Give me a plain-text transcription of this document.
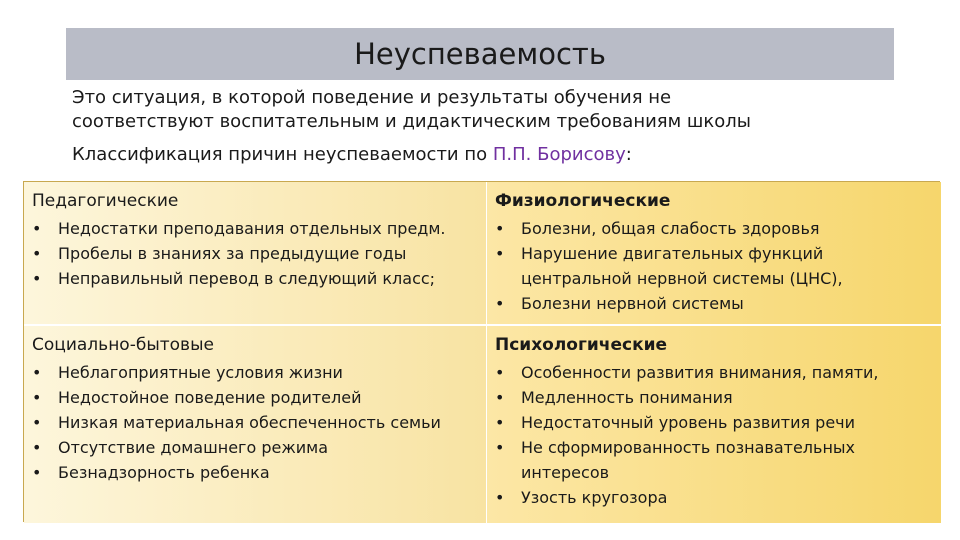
Неуспеваемость

Это ситуация, в которой поведение и результаты обучения не

соответствуют воспитательным и дидактическим требованиям школы

Классификация причин неуспеваемости по П.П. Борисову:

Педагогические
• Недостатки преподавания отдельных предм.
• Пробелы в знаниях за предыдущие годы
• Неправильный перевод в следующий класс;
Физиологические
• Болезни, общая слабость здоровья
• Нарушение двигательных функций
центральной нервной системы (ЦНС),
• Болезни нервной системы
Социально-бытовые
• Неблагоприятные условия жизни
• Недостойное поведение родителей
• Низкая материальная обеспеченность семьи
• Отсутствие домашнего режима
• Безнадзорность ребенка
Психологические
• Особенности развития внимания, памяти,
• Медленность понимания
• Недостаточный уровень развития речи
• Не сформированность познавательных
интересов
• Узость кругозора
